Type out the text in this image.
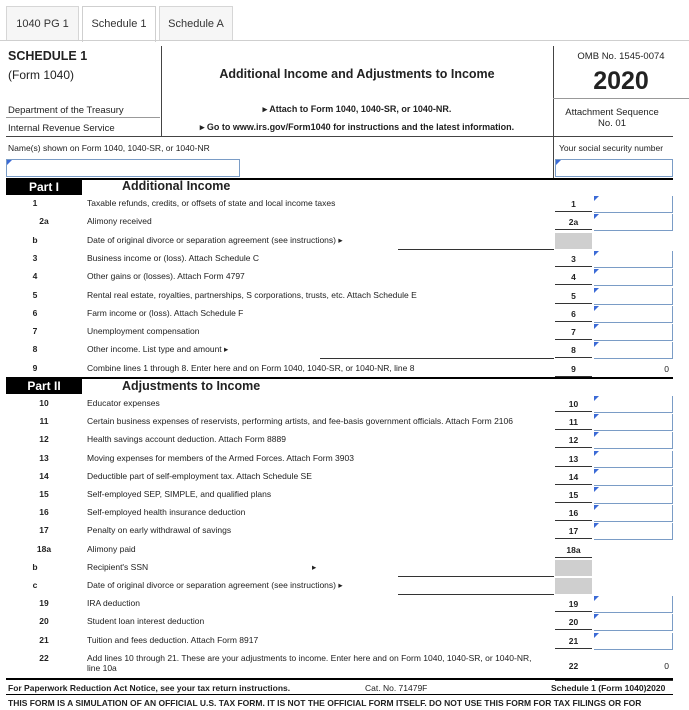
1040 PG 1	Schedule 1	Schedule A
SCHEDULE 1
(Form 1040)
Department of the Treasury
Internal Revenue Service
Additional Income and Adjustments to Income
▸ Attach to Form 1040, 1040-SR, or 1040-NR.
▸ Go to www.irs.gov/Form1040 for instructions and the latest information.
OMB No. 1545-0074
2020
Attachment Sequence
No. 01
Name(s) shown on Form 1040, 1040-SR, or 1040-NR	Your social security number
Part I	Additional Income
1	Taxable refunds, credits, or offsets of state and local income taxes	1
2a	Alimony received	2a
b	Date of original divorce or separation agreement (see instructions) ▸
3	Business income or (loss). Attach Schedule C	3
4	Other gains or (losses). Attach Form 4797	4
5	Rental real estate, royalties, partnerships, S corporations, trusts, etc. Attach Schedule E	5
6	Farm income or (loss). Attach Schedule F	6
7	Unemployment compensation	7
8	Other income. List type and amount ▸	8
9	Combine lines 1 through 8. Enter here and on Form 1040, 1040-SR, or 1040-NR, line 8	9	0
Part II	Adjustments to Income
10	Educator expenses	10
11	Certain business expenses of reservists, performing artists, and fee-basis government officials. Attach Form 2106	11
12	Health savings account deduction. Attach Form 8889	12
13	Moving expenses for members of the Armed Forces. Attach Form 3903	13
14	Deductible part of self-employment tax. Attach Schedule SE	14
15	Self-employed SEP, SIMPLE, and qualified plans	15
16	Self-employed health insurance deduction	16
17	Penalty on early withdrawal of savings	17
18a	Alimony paid	18a
b	Recipient's SSN	▸
c	Date of original divorce or separation agreement (see instructions) ▸
19	IRA deduction	19
20	Student loan interest deduction	20
21	Tuition and fees deduction. Attach Form 8917	21
22	Add lines 10 through 21. These are your adjustments to income. Enter here and on Form 1040, 1040-SR, or 1040-NR,
line 10a	22	0
For Paperwork Reduction Act Notice, see your tax return instructions.	Cat. No. 71479F	Schedule 1 (Form 1040)2020
THIS FORM IS A SIMULATION OF AN OFFICIAL U.S. TAX FORM. IT IS NOT THE OFFICIAL FORM ITSELF. DO NOT USE THIS FORM FOR TAX FILINGS OR FOR
